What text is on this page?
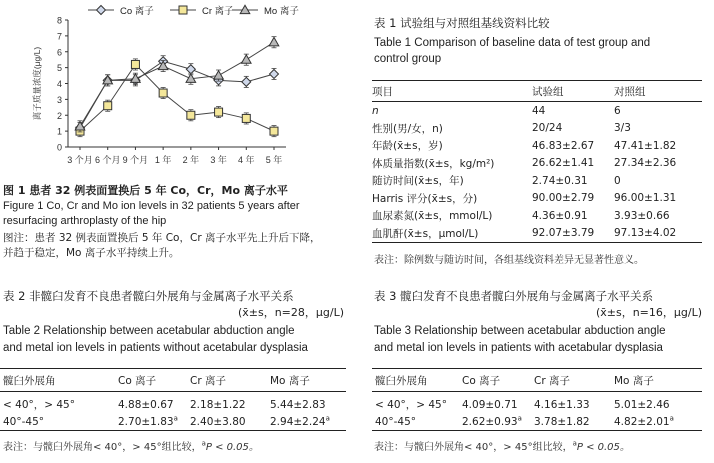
0
1
2
3
4
5
6
7
8
离子质量浓度(μg/L)
3 个月 6 个月 9 个月 1 年 2 年 3 年 4 年 5 年
Co 离子	Cr 离子	Mo 离子
图 1 患者 32 例表面置换后 5 年 Co，Cr，Mo 离子水平
Figure 1 Co, Cr and Mo ion levels in 32 patients 5 years after
resurfacing arthroplasty of the hip
图注：患者 32 例表面置换后 5 年 Co，Cr 离子水平先上升后下降，
并趋于稳定，Mo 离子水平持续上升。
表 1 试验组与对照组基线资料比较
Table 1 Comparison of baseline data of test group and
control group
项目	试验组	对照组
n	44	6
性别(男/女，n)	20/24	3/3
年龄(x̄±s，岁)	46.83±2.67	47.41±1.82
体质量指数(x̄±s，kg/m²)	26.62±1.41	27.34±2.36
随访时间(x̄±s，年)	2.74±0.31	0
Harris 评分(x̄±s，分)	90.00±2.79	96.00±1.31
血尿素氮(x̄±s，mmol/L)	4.36±0.91	3.93±0.66
血肌酐(x̄±s，μmol/L)	92.07±3.79	97.13±4.02
表注：除例数与随访时间，各组基线资料差异无显著性意义。
表 2 非髋臼发育不良患者髋臼外展角与金属离子水平关系
(x̄±s，n=28，μg/L)
Table 2 Relationship between acetabular abduction angle
and metal ion levels in patients without acetabular dysplasia
髋臼外展角	Co 离子	Cr 离子	Mo 离子
< 40°，> 45°	4.88±0.67	2.18±1.22	5.44±2.83
40°-45°	2.70±1.83$^a$	2.40±3.80	2.94±2.24$^a$
表注：与髋臼外展角< 40°，> 45°组比较，$^a$P < 0.05。
表 3 髋臼发育不良患者髋臼外展角与金属离子水平关系
(x̄±s，n=16，μg/L)
Table 3 Relationship between acetabular abduction angle
and metal ion levels in patients with acetabular dysplasia
髋臼外展角	Co 离子	Cr 离子	Mo 离子
< 40°，> 45°	4.09±0.71	4.16±1.33	5.01±2.46
40°-45°	2.62±0.93$^a$	3.78±1.82	4.82±2.01$^a$
表注：与髋臼外展角< 40°，> 45°组比较，$^a$P < 0.05。
